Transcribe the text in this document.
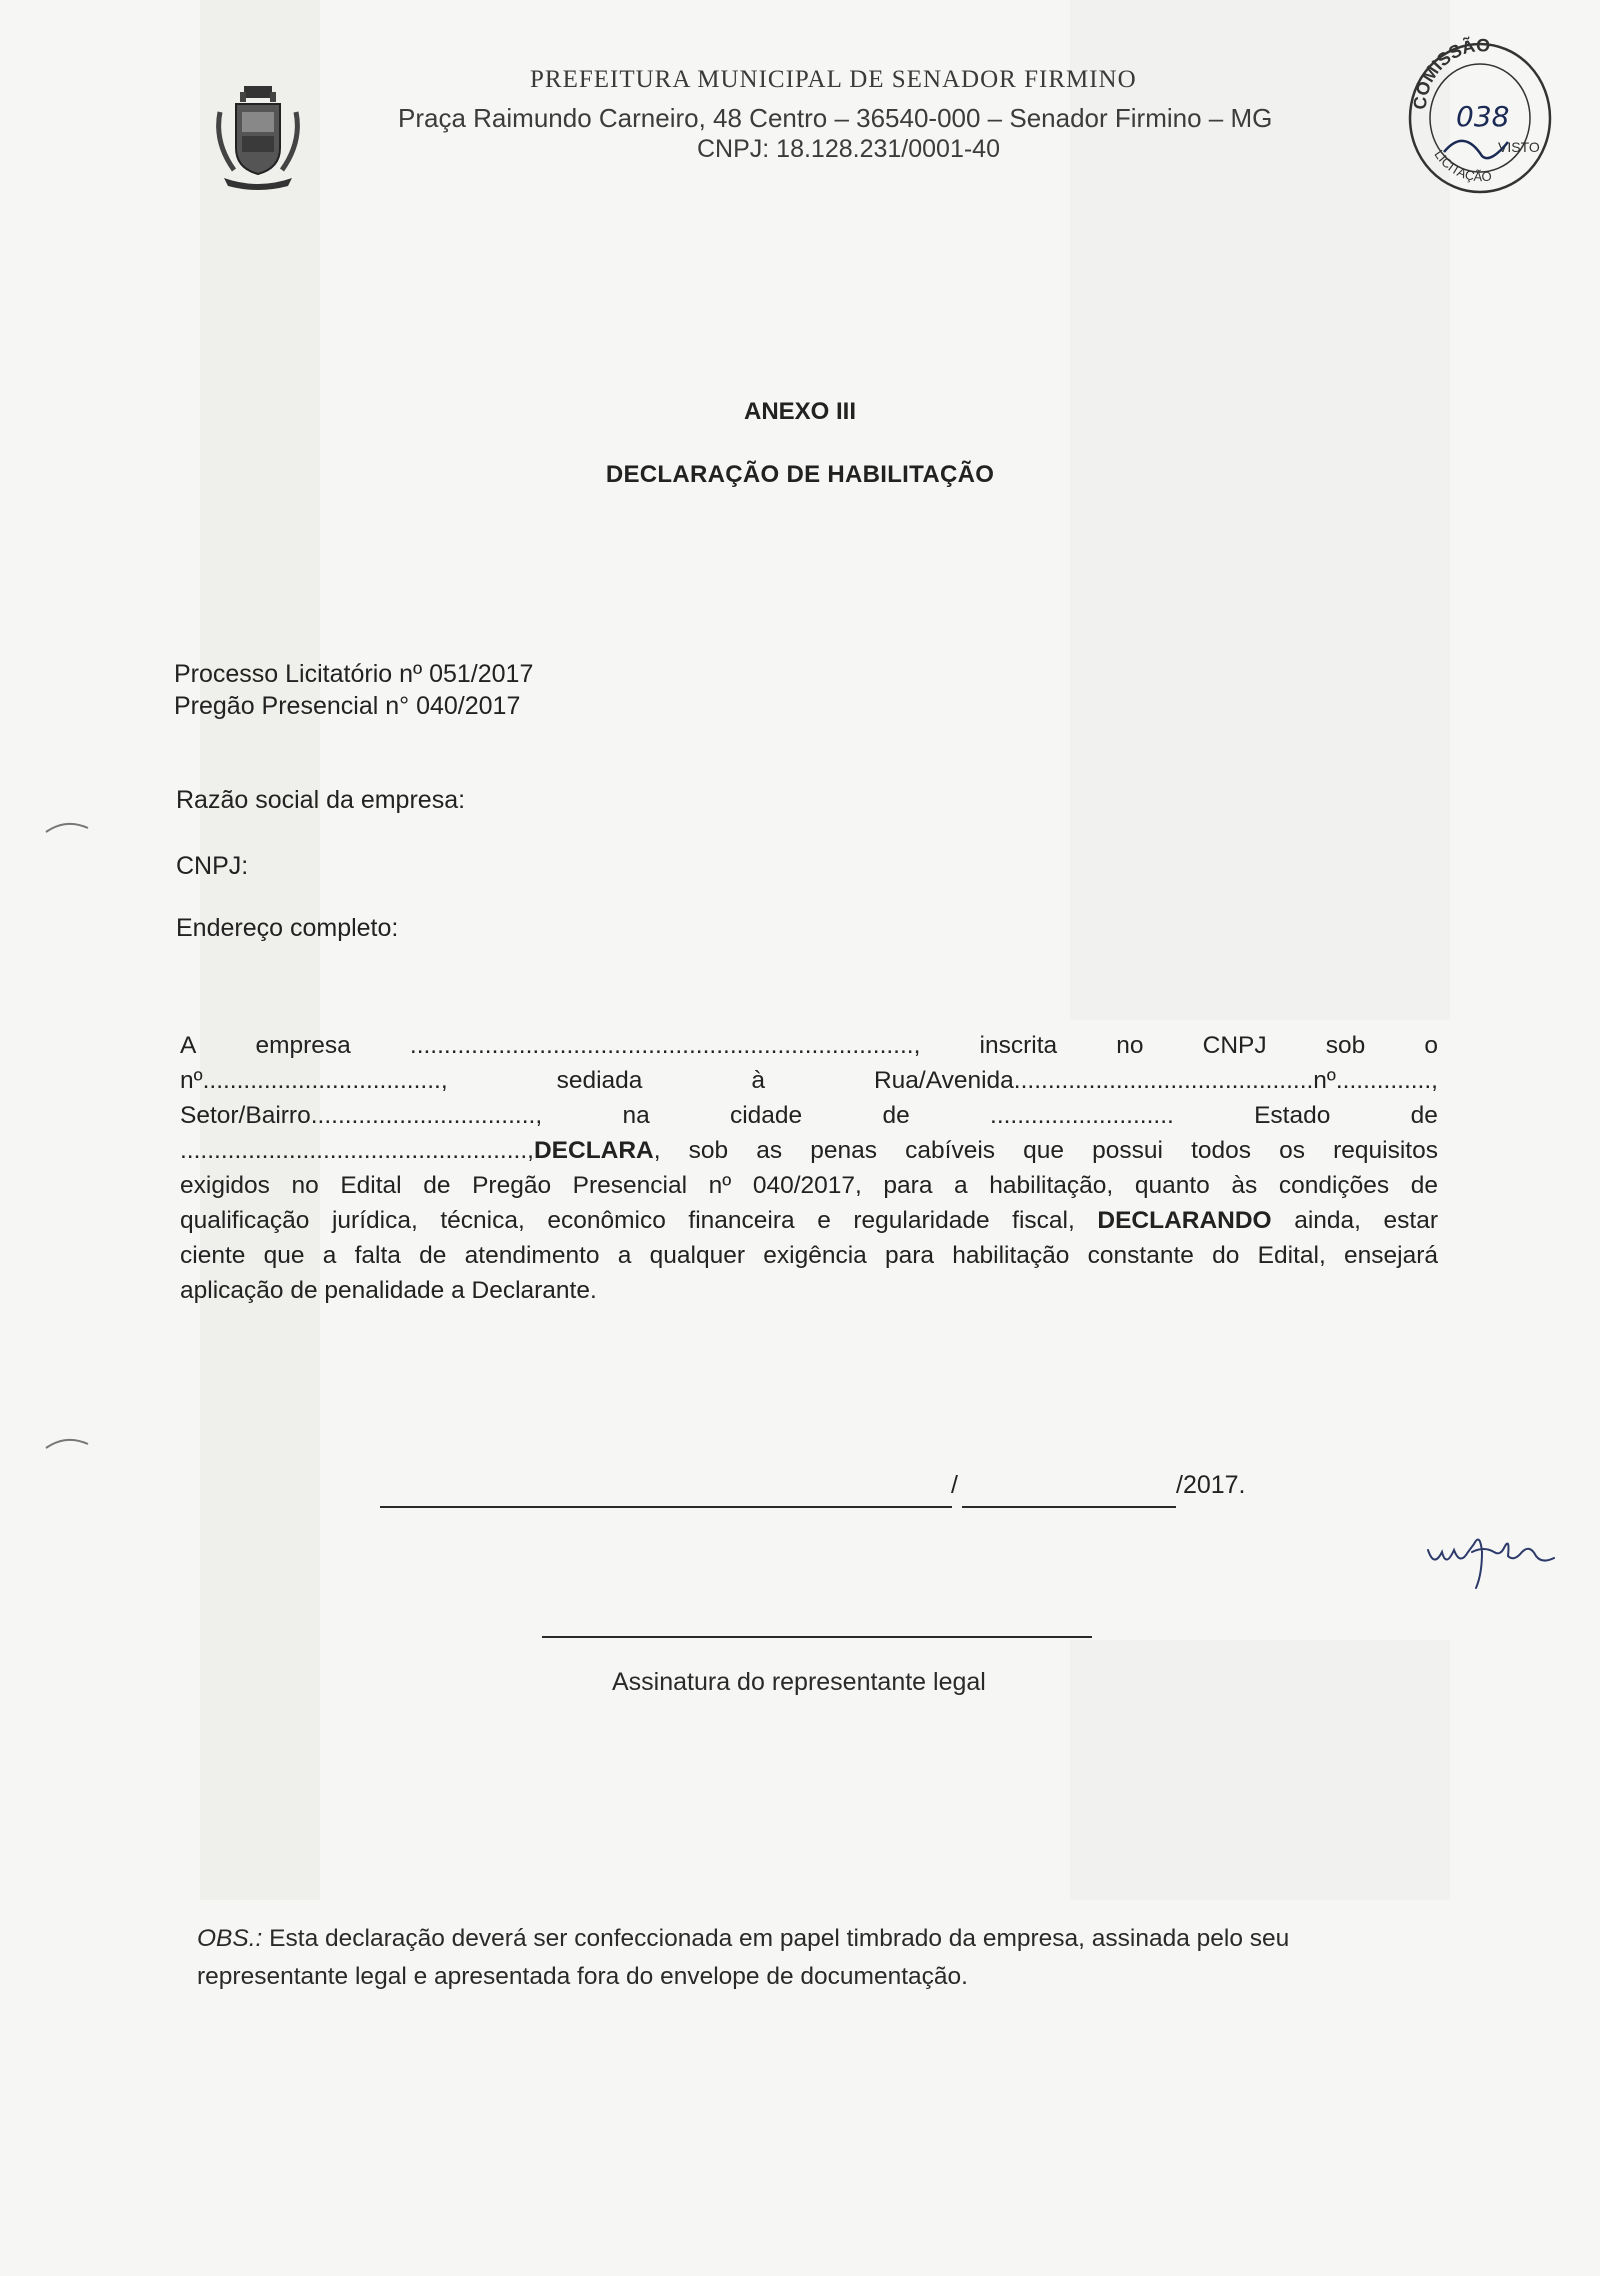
PREFEITURA MUNICIPAL DE SENADOR FIRMINO
Praça Raimundo Carneiro, 48 Centro – 36540-000 – Senador Firmino – MG
CNPJ: 18.128.231/0001-40
COMISSÃO
038
VISTO
LICITAÇÃO
ANEXO III
DECLARAÇÃO DE HABILITAÇÃO
Processo Licitatório nº 051/2017
Pregão Presencial n° 040/2017
Razão social da empresa:
CNPJ:
Endereço completo:
A empresa .........................................................................., inscrita no CNPJ sob o
nº...................................,	sediada	à	Rua/Avenida............................................nº..............,
Setor/Bairro.................................,	na	cidade	de	...........................	Estado	de
...................................................,DECLARA, sob as penas cabíveis que possui todos os requisitos
exigidos no Edital de Pregão Presencial nº 040/2017, para a habilitação, quanto às condições de
qualificação jurídica, técnica, econômico financeira e regularidade fiscal, DECLARANDO ainda, estar
ciente que a falta de atendimento a qualquer exigência para habilitação constante do Edital, ensejará
aplicação de penalidade a Declarante.
/	/2017.
Assinatura do representante legal
OBS.: Esta declaração deverá ser confeccionada em papel timbrado da empresa, assinada pelo seu representante legal e apresentada fora do envelope de documentação.
